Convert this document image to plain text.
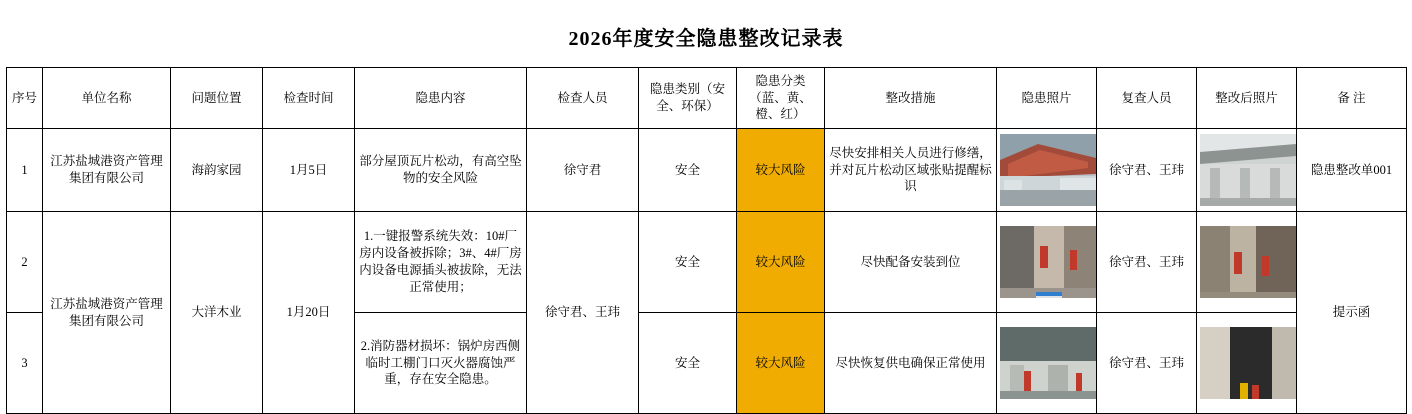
2026年度安全隐患整改记录表
序号	单位名称	问题位置	检查时间	隐患内容	检查人员	隐患类别（安全、环保）	隐患分类（蓝、黄、橙、红）	整改措施	隐患照片	复查人员	整改后照片	备 注
1	江苏盐城港资产管理集团有限公司	海韵家园	1月5日	部分屋顶瓦片松动，有高空坠物的安全风险	徐守君	安全	较大风险	尽快安排相关人员进行修缮，并对瓦片松动区域张贴提醒标识		徐守君、王玮		隐患整改单001
2	江苏盐城港资产管理集团有限公司	大洋木业	1月20日	1.一键报警系统失效：10#厂房内设备被拆除；3#、4#厂房内设备电源插头被拔除，无法正常使用；	徐守君、王玮	安全	较大风险	尽快配备安装到位		徐守君、王玮		提示函
3				2.消防器材损坏：锅炉房西侧临时工棚门口灭火器腐蚀严重，存在安全隐患。		安全	较大风险	尽快恢复供电确保正常使用		徐守君、王玮	
